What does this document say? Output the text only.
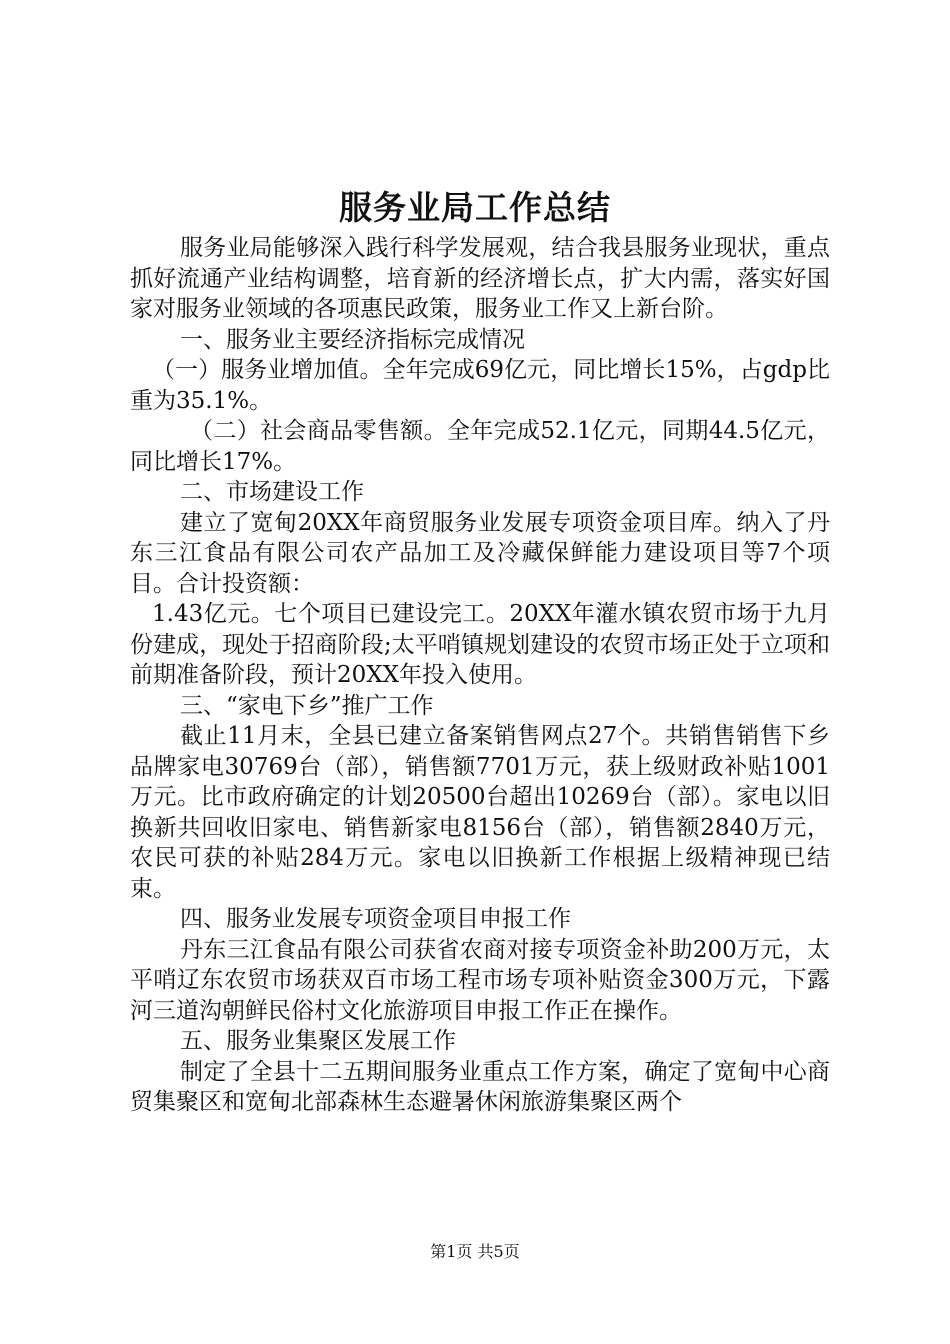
服务业局工作总结

服务业局能够深入践行科学发展观，结合我县服务业现状，重点抓好流通产业结构调整，培育新的经济增长点，扩大内需，落实好国家对服务业领域的各项惠民政策，服务业工作又上新台阶。

一、服务业主要经济指标完成情况

（一）服务业增加值。全年完成69亿元，同比增长15%，占gdp比重为35.1%。

（二）社会商品零售额。全年完成52.1亿元，同期44.5亿元，同比增长17%。

二、市场建设工作

建立了宽甸20XX年商贸服务业发展专项资金项目库。纳入了丹东三江食品有限公司农产品加工及冷藏保鲜能力建设项目等7个项目。合计投资额：

1.43亿元。七个项目已建设完工。20XX年灌水镇农贸市场于九月份建成，现处于招商阶段;太平哨镇规划建设的农贸市场正处于立项和前期准备阶段，预计20XX年投入使用。

三、“家电下乡”推广工作

截止11月末，全县已建立备案销售网点27个。共销售销售下乡品牌家电30769台（部），销售额7701万元，获上级财政补贴1001万元。比市政府确定的计划20500台超出10269台（部）。家电以旧换新共回收旧家电、销售新家电8156台（部），销售额2840万元，农民可获的补贴284万元。家电以旧换新工作根据上级精神现已结束。

四、服务业发展专项资金项目申报工作

丹东三江食品有限公司获省农商对接专项资金补助200万元，太平哨辽东农贸市场获双百市场工程市场专项补贴资金300万元，下露河三道沟朝鲜民俗村文化旅游项目申报工作正在操作。

五、服务业集聚区发展工作

制定了全县十二五期间服务业重点工作方案，确定了宽甸中心商贸集聚区和宽甸北部森林生态避暑休闲旅游集聚区两个

第1页 共5页
